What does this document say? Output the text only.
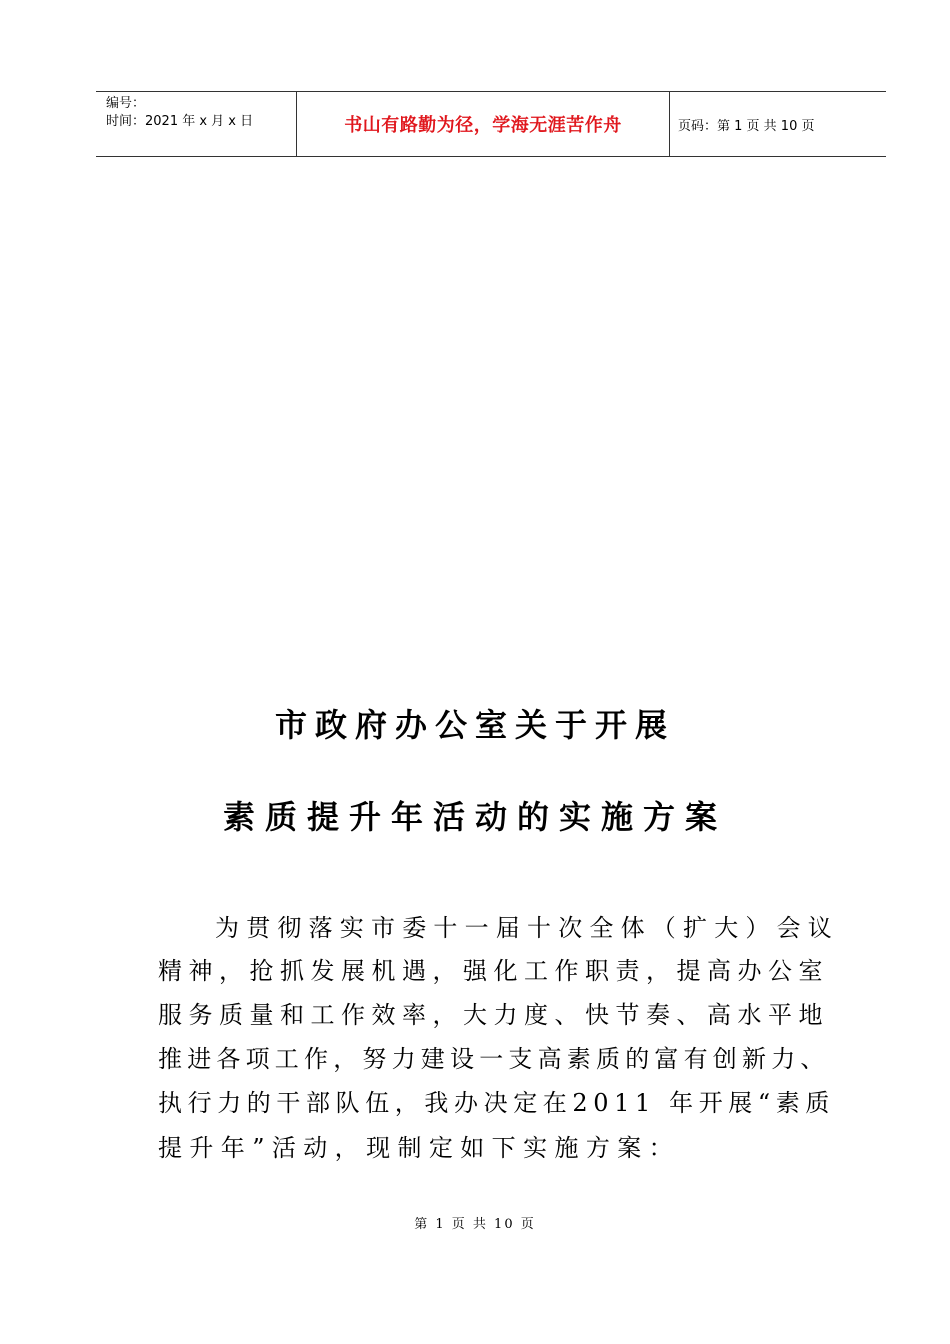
编号：
时间：2021 年 x 月 x 日	书山有路勤为径，学海无涯苦作舟	页码：第 1 页 共 10 页
市政府办公室关于开展
素质提升年活动的实施方案
为贯彻落实市委十一届十次全体（扩大）会议
精神，抢抓发展机遇，强化工作职责，提高办公室
服务质量和工作效率，大力度、快节奏、高水平地
推进各项工作，努力建设一支高素质的富有创新力、
执行力的干部队伍，我办决定在2011 年开展“素质
提升年”活动，现制定如下实施方案：
第 1 页 共 10 页
